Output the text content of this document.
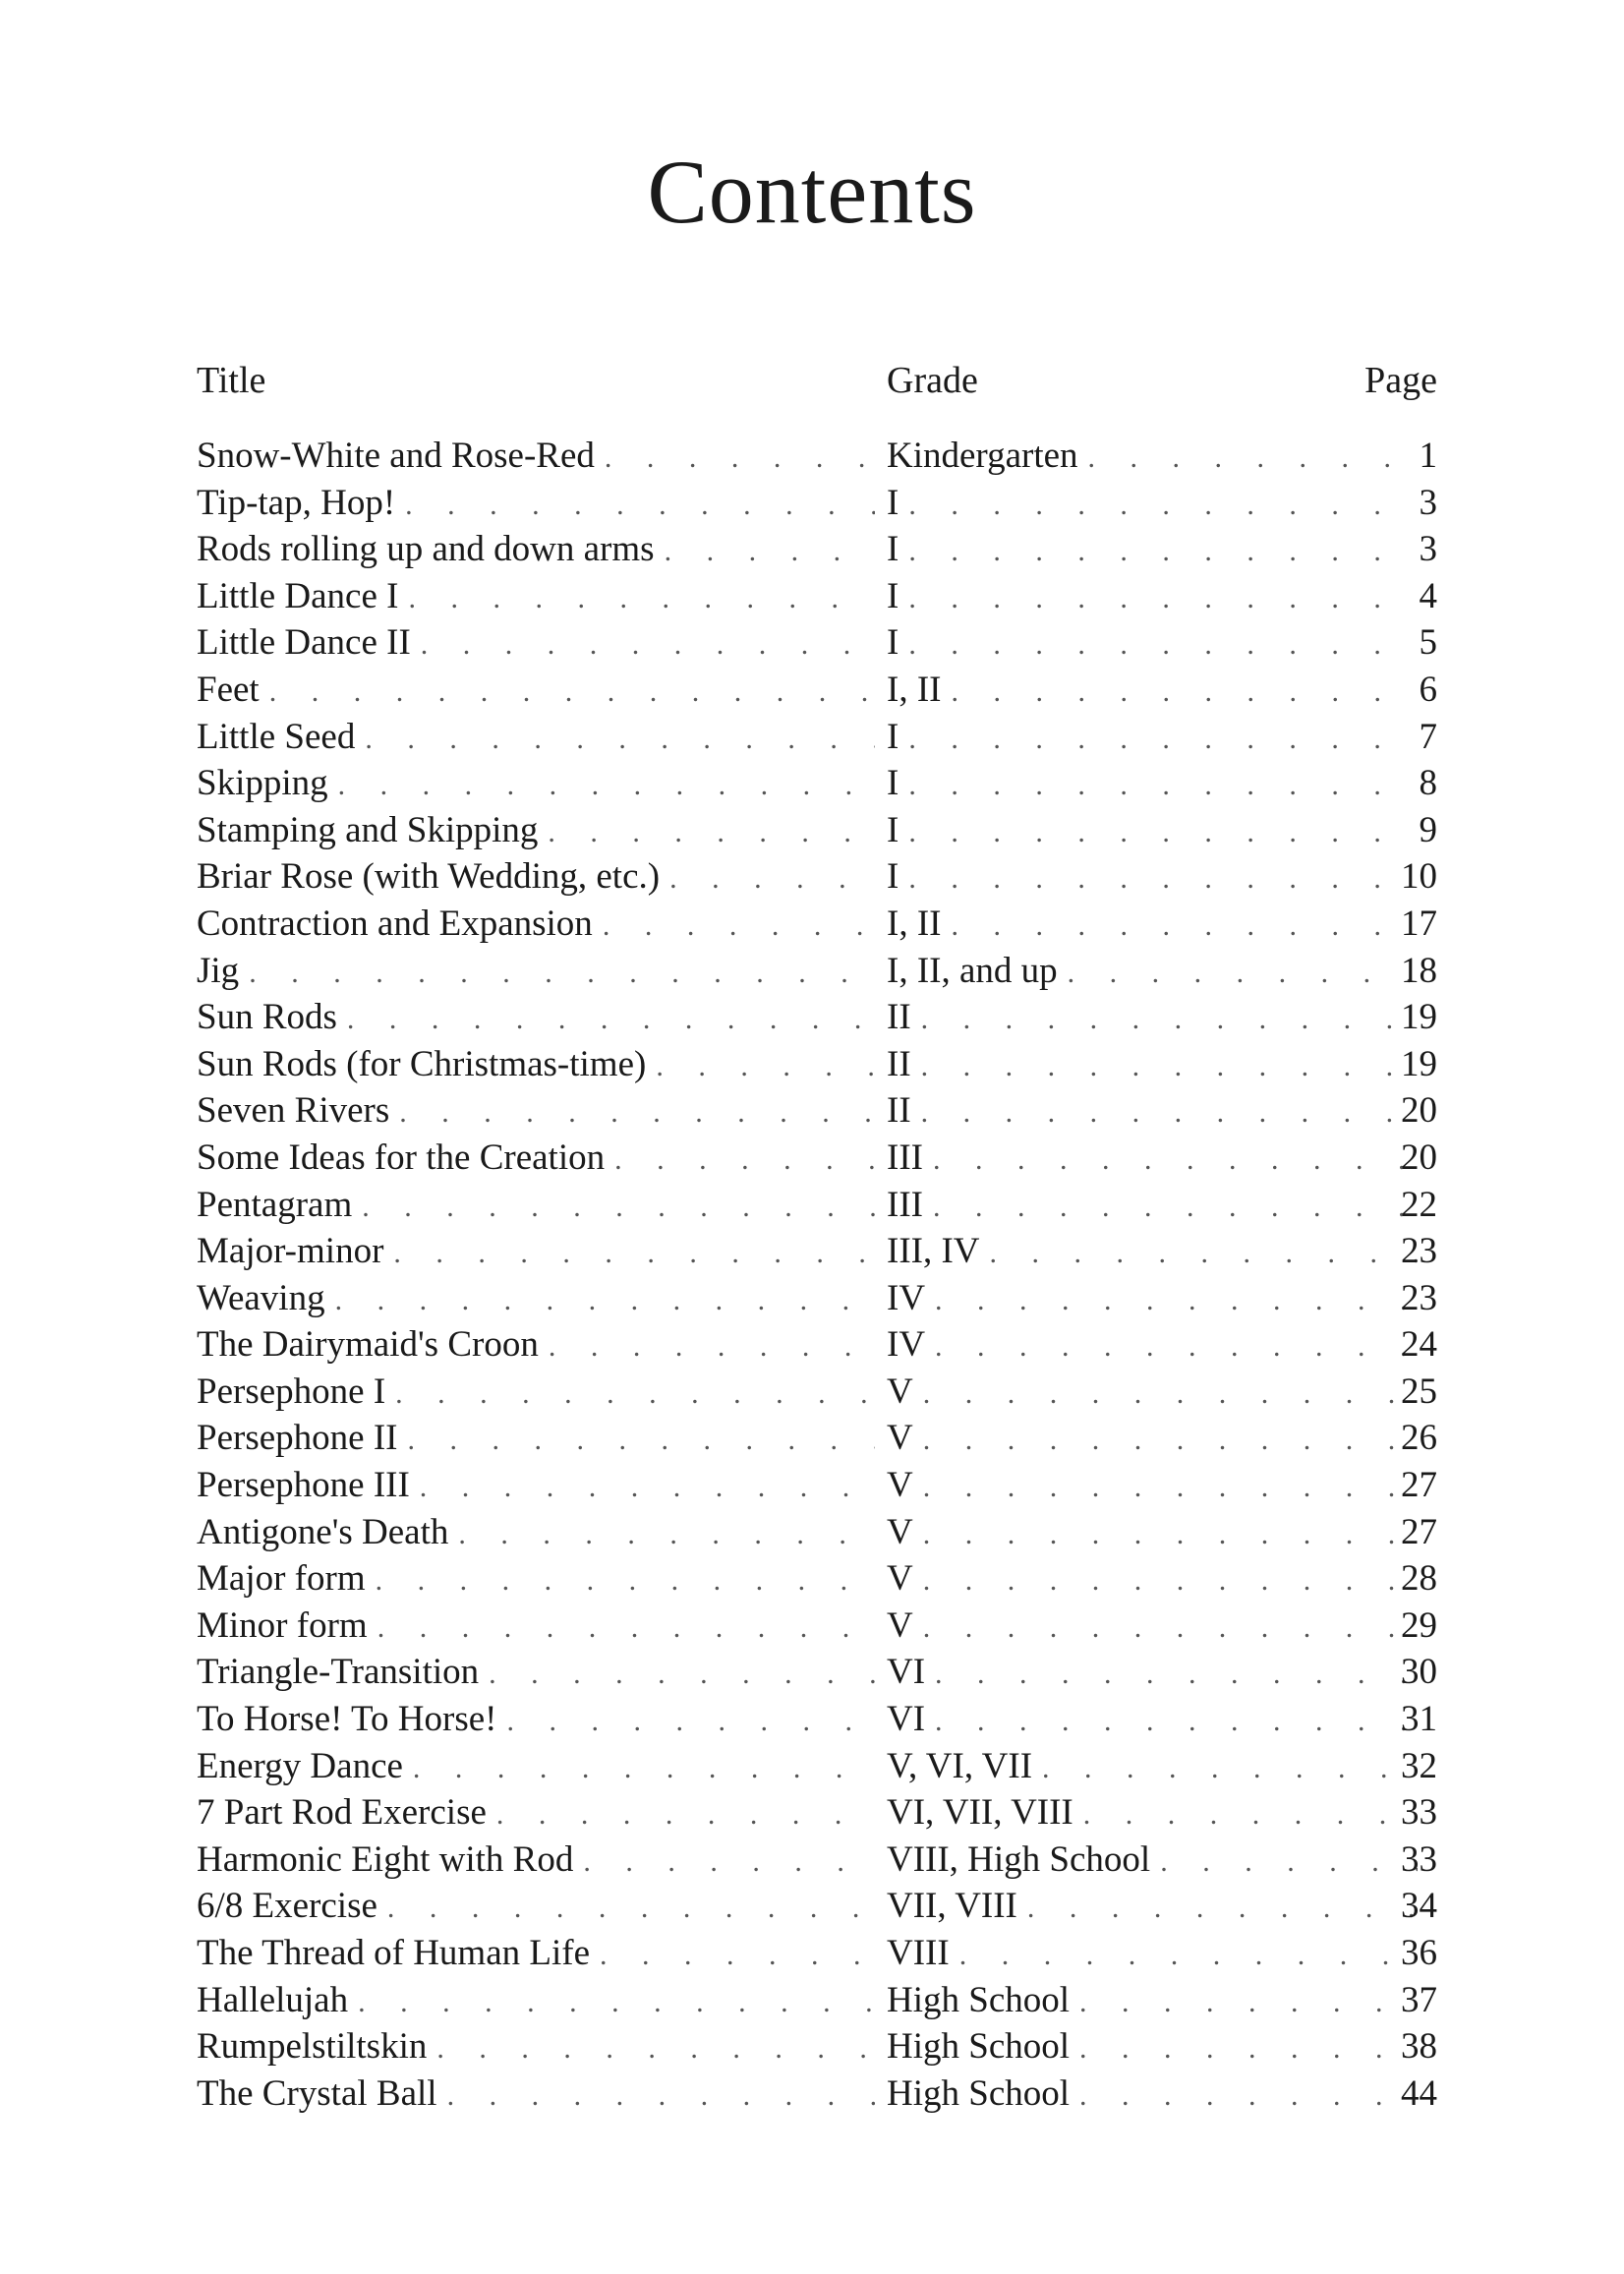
Contents
Title	Grade	Page
Snow-White and Rose-Red . . .	Kindergarten . . .	1
Tip-tap, Hop! . . .	I . . .	3
Rods rolling up and down arms . . .	I . . .	3
Little Dance I . . .	I . . .	4
Little Dance II . . .	I . . .	5
Feet . . .	I, II . . .	6
Little Seed . . .	I . . .	7
Skipping . . .	I . . .	8
Stamping and Skipping . . .	I . . .	9
Briar Rose (with Wedding, etc.) . . .	I . . .	10
Contraction and Expansion . . .	I, II . . .	17
Jig . . .	I, II, and up . . .	18
Sun Rods . . .	II . . .	19
Sun Rods (for Christmas-time) . . .	II . . .	19
Seven Rivers . . .	II . . .	20
Some Ideas for the Creation . . .	III . . .	20
Pentagram . . .	III . . .	22
Major-minor . . .	III, IV . . .	23
Weaving . . .	IV . . .	23
The Dairymaid's Croon . . .	IV . . .	24
Persephone I . . .	V . . .	25
Persephone II . . .	V . . .	26
Persephone III . . .	V . . .	27
Antigone's Death . . .	V . . .	27
Major form . . .	V . . .	28
Minor form . . .	V . . .	29
Triangle-Transition . . .	VI . . .	30
To Horse! To Horse! . . .	VI . . .	31
Energy Dance . . .	V, VI, VII . . .	32
7 Part Rod Exercise . . .	VI, VII, VIII . . .	33
Harmonic Eight with Rod . . .	VIII, High School . . .	33
6/8 Exercise . . .	VII, VIII . . .	34
The Thread of Human Life . . .	VIII . . .	36
Hallelujah . . .	High School . . .	37
Rumpelstiltskin . . .	High School . . .	38
The Crystal Ball . . .	High School . . .	44
